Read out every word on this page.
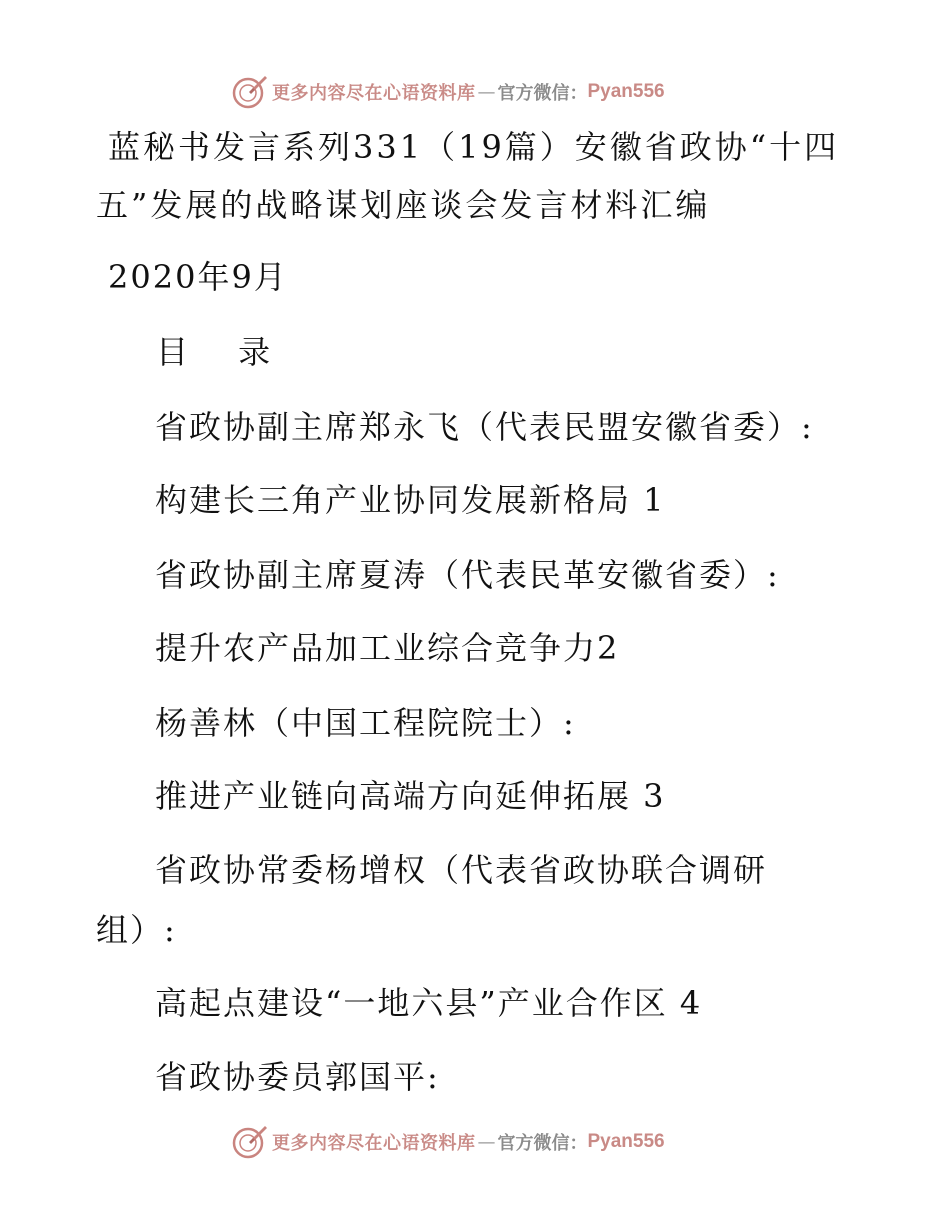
更多内容尽在心语资料库 — 官方微信： Pyan556
蓝秘书发言系列331（19篇）安徽省政协“十四
五”发展的战略谋划座谈会发言材料汇编
2020年9月
目 录
省政协副主席郑永飞（代表民盟安徽省委）:
构建长三角产业协同发展新格局 1
省政协副主席夏涛（代表民革安徽省委）:
提升农产品加工业综合竞争力2
杨善林（中国工程院院士）:
推进产业链向高端方向延伸拓展 3
省政协常委杨增权（代表省政协联合调研
组）:
高起点建设“一地六县”产业合作区 4
省政协委员郭国平:
更多内容尽在心语资料库 — 官方微信： Pyan556
